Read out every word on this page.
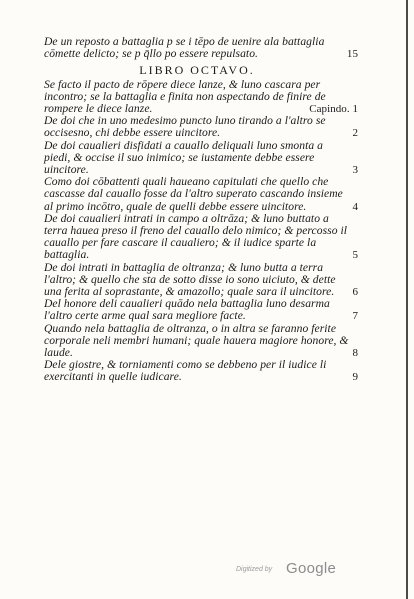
De un reposto a battaglia p se i tēpo de uenire ala battaglia cōmette delicto; se p q̄llo po essere repulsato.	15
LIBRO OCTAVO.
Se facto il pacto de rōpere diece lanze, & luno cascara per incontro; se la battaglia e finita non aspectando de finire de rompere le diece lanze.	Capindo. 1
De doi che in uno medesimo puncto luno tirando a l'altro se occisesno, chi debbe essere uincitore.	2
De doi caualieri disfidati a cauallo deliquali luno smonta a piedi, & occise il suo inimico; se iustamente debbe essere uincitore.	3
Como doi cōbattenti quali haueano capitulati che quello che cascasse dal cauallo fosse da l'altro superato cascando insieme al primo incōtro, quale de quelli debbe essere uincitore.	4
De doi caualieri intrati in campo a oltrāza; & luno buttato a terra hauea preso il freno del cauallo delo nimico; & percosso il cauallo per fare cascare il caualiero; & il iudice sparte la battaglia.	5
De doi intrati in battaglia de oltranza; & luno butta a terra l'altro; & quello che sta de sotto disse io sono uiciuto, & dette una ferita al soprastante, & amazollo; quale sara il uincitore. 6
Del honore deli caualieri quādo nela battaglia luno desarma l'altro certe arme qual sara megliore facte.	7
Quando nela battaglia de oltranza, o in altra se faranno ferite corporale neli membri humani; quale hauera magiore honore, & laude.	8
Dele giostre, & torniamenti como se debbeno per il iudice li exercitanti in quelle iudicare.	9
Digitized by Google
